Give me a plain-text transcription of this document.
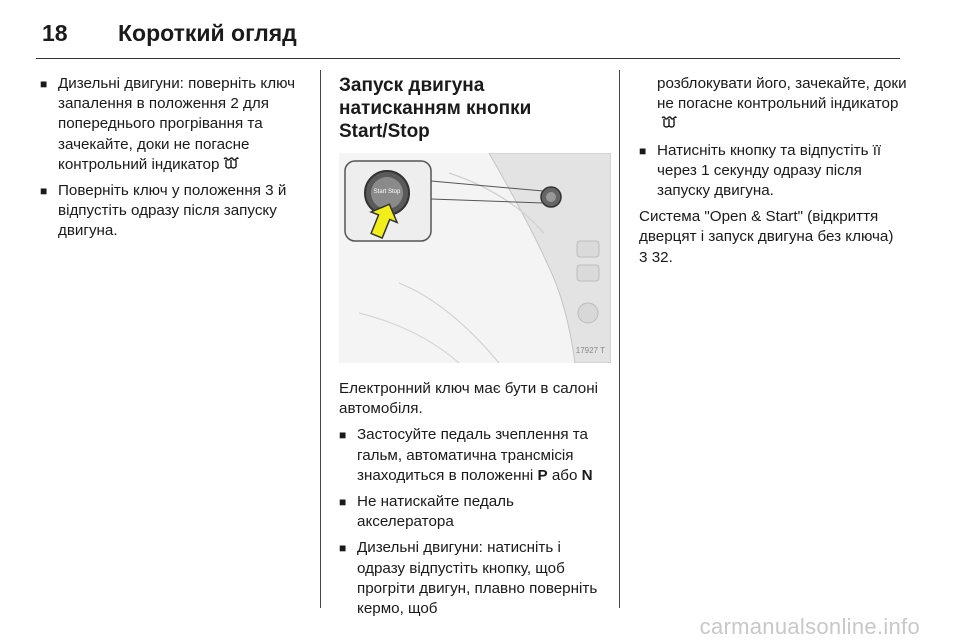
18 Короткий огляд
■ Дизельні двигуни: поверніть ключ запалення в положення 2 для попереднього прогрівання та зачекайте, доки не погасне контрольний індикатор
■ Поверніть ключ у положення 3 й відпустіть одразу після запуску двигуна.
Запуск двигуна натисканням кнопки Start/Stop
Start Stop
17927 T

Електронний ключ має бути в салоні автомобіля.

■ Застосуйте педаль зчеплення та гальм, автоматична трансмісія знаходиться в положенні P або N
■ Не натискайте педаль акселератора
■ Дизельні двигуни: натисніть і одразу відпустіть кнопку, щоб прогріти двигун, плавно поверніть кермо, щоб
розблокувати його, зачекайте, доки не погасне контрольний індикатор
■ Натисніть кнопку та відпустіть її через 1 секунду одразу після запуску двигуна.

Система "Open & Start" (відкриття дверцят і запуск двигуна без ключа)
3 32.

carmanualsonline.info
